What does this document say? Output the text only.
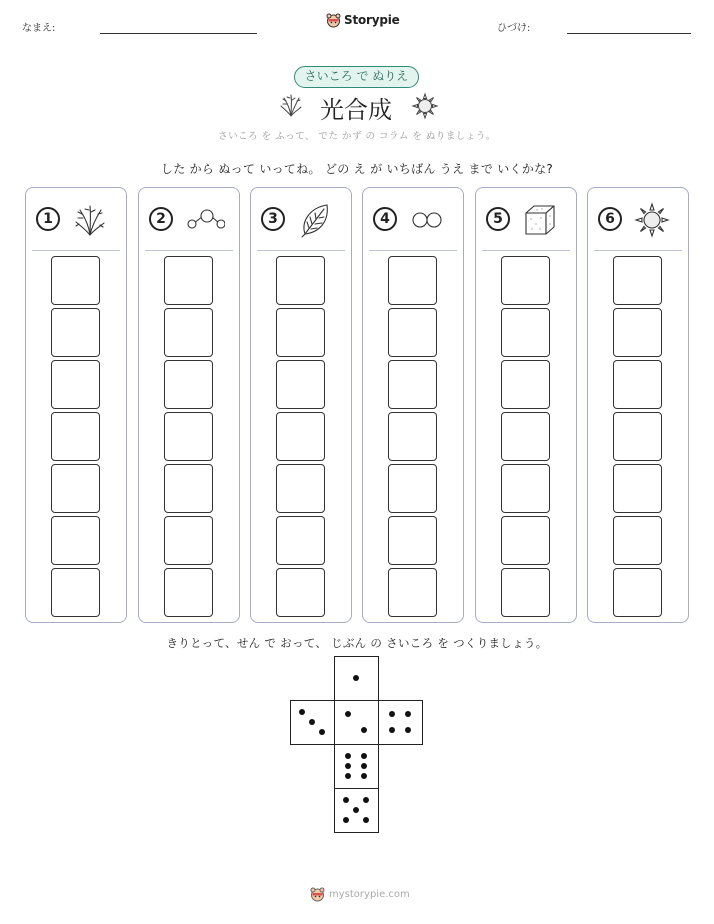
なまえ:
Storypie
ひづけ:
さいころ で ぬりえ
光合成
さいころ を ふって、 でた かず の コラム を ぬりましょう。
した から ぬって いってね。 どの え が いちばん うえ まで いくかな?
1	2	3	4	5	6
きりとって、せん で おって、 じぶん の さいころ を つくりましょう。
mystorypie.com
